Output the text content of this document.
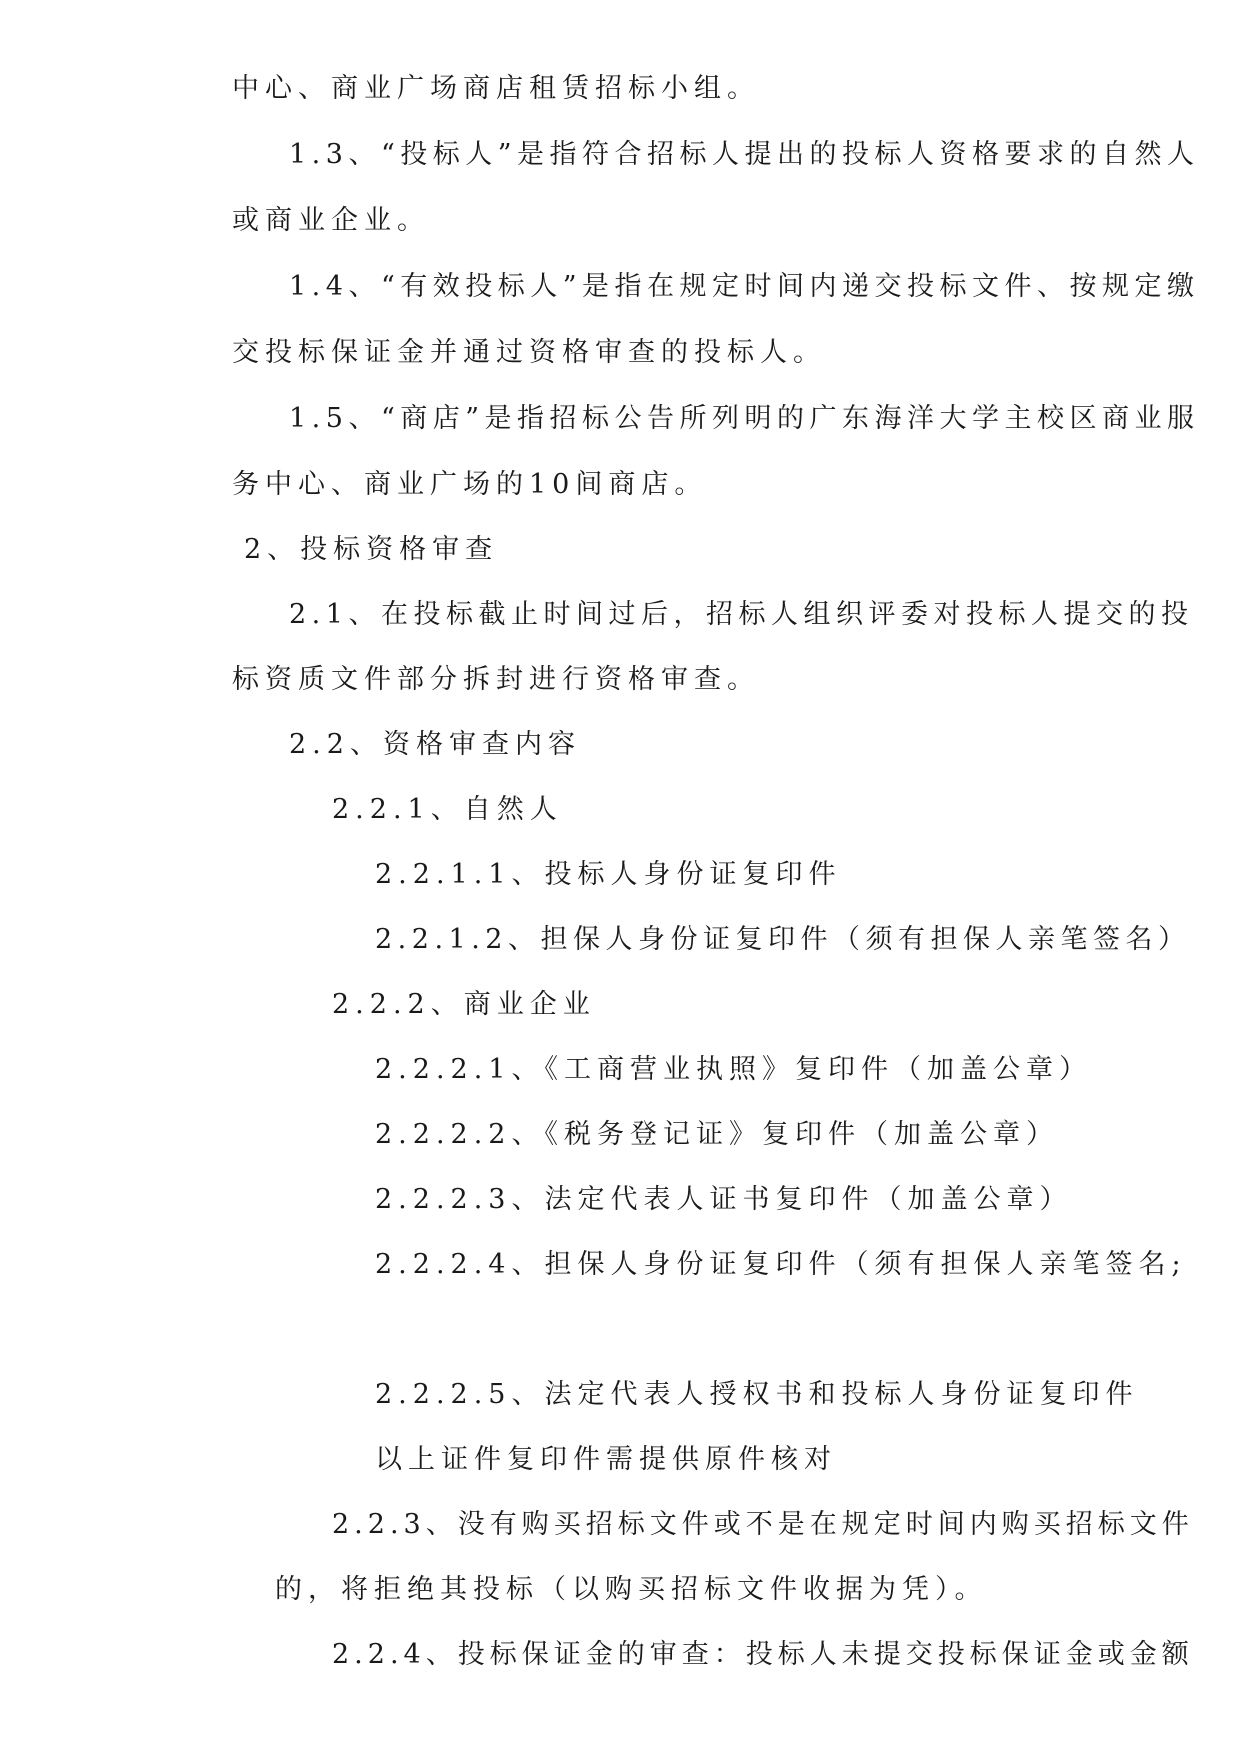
中心、商业广场商店租赁招标小组。
1.3、“投标人”是指符合招标人提出的投标人资格要求的自然人
或商业企业。
1.4、“有效投标人”是指在规定时间内递交投标文件、按规定缴
交投标保证金并通过资格审查的投标人。
1.5、“商店”是指招标公告所列明的广东海洋大学主校区商业服
务中心、商业广场的10间商店。
2、投标资格审查
2.1、在投标截止时间过后，招标人组织评委对投标人提交的投
标资质文件部分拆封进行资格审查。
2.2、资格审查内容
2.2.1、自然人
2.2.1.1、投标人身份证复印件
2.2.1.2、担保人身份证复印件（须有担保人亲笔签名）
2.2.2、商业企业
2.2.2.1、《工商营业执照》复印件（加盖公章）
2.2.2.2、《税务登记证》复印件（加盖公章）
2.2.2.3、法定代表人证书复印件（加盖公章）
2.2.2.4、担保人身份证复印件（须有担保人亲笔签名;
2.2.2.5、法定代表人授权书和投标人身份证复印件
以上证件复印件需提供原件核对
2.2.3、没有购买招标文件或不是在规定时间内购买招标文件
的，将拒绝其投标（以购买招标文件收据为凭）。
2.2.4、投标保证金的审查：投标人未提交投标保证金或金额
